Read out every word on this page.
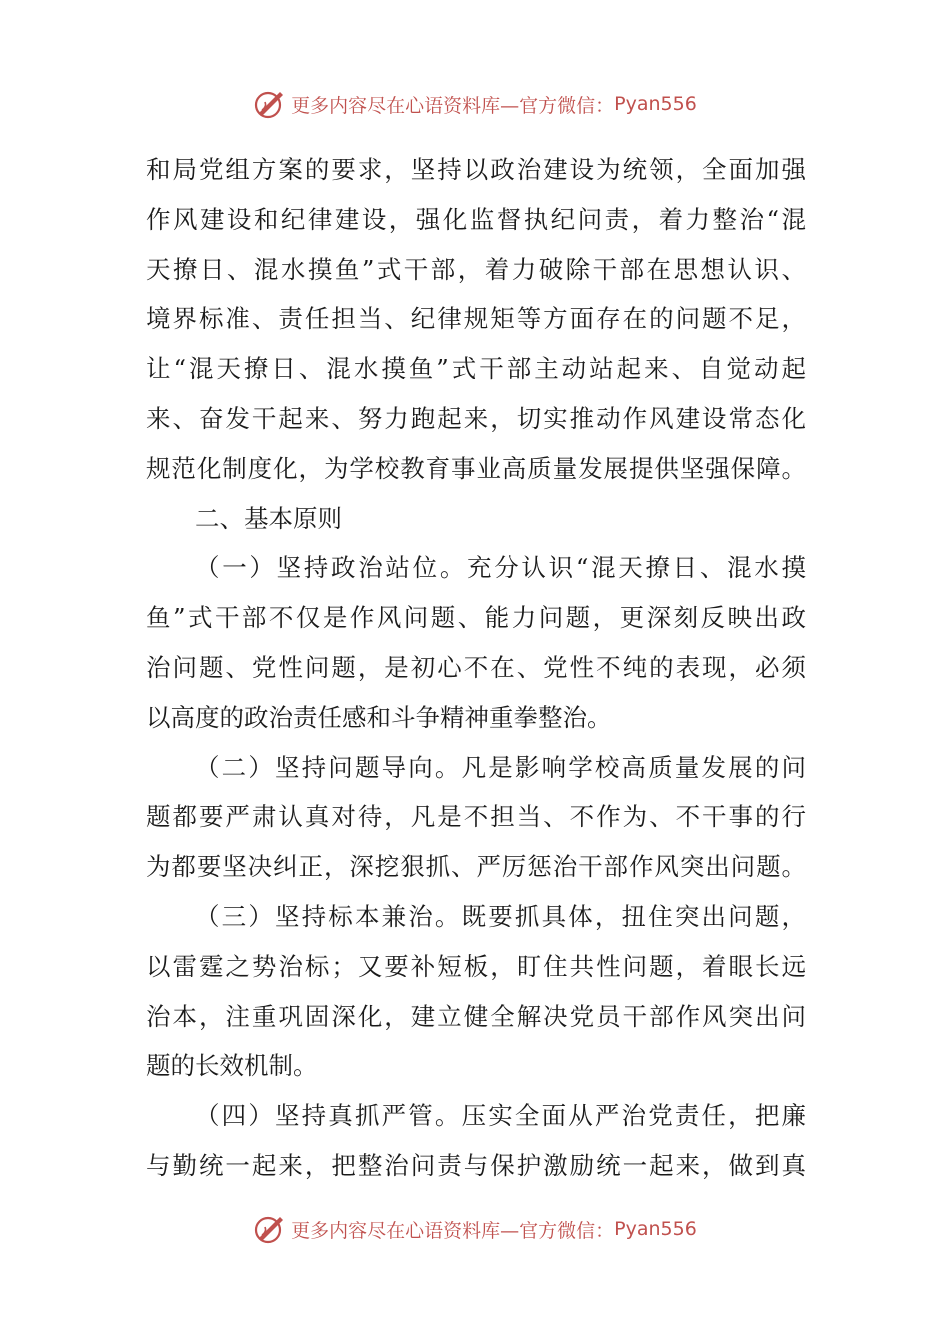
更多内容尽在心语资料库—官方微信： Pyan556
和局党组方案的要求，坚持以政治建设为统领，全面加强
作风建设和纪律建设，强化监督执纪问责，着力整治“混
天撩日、混水摸鱼”式干部，着力破除干部在思想认识、
境界标准、责任担当、纪律规矩等方面存在的问题不足，
让“混天撩日、混水摸鱼”式干部主动站起来、自觉动起
来、奋发干起来、努力跑起来，切实推动作风建设常态化
规范化制度化，为学校教育事业高质量发展提供坚强保障。
二、基本原则
（一）坚持政治站位。充分认识“混天撩日、混水摸
鱼”式干部不仅是作风问题、能力问题，更深刻反映出政
治问题、党性问题，是初心不在、党性不纯的表现，必须
以高度的政治责任感和斗争精神重拳整治。
（二）坚持问题导向。凡是影响学校高质量发展的问
题都要严肃认真对待，凡是不担当、不作为、不干事的行
为都要坚决纠正，深挖狠抓、严厉惩治干部作风突出问题。
（三）坚持标本兼治。既要抓具体，扭住突出问题，
以雷霆之势治标；又要补短板，盯住共性问题，着眼长远
治本，注重巩固深化，建立健全解决党员干部作风突出问
题的长效机制。
（四）坚持真抓严管。压实全面从严治党责任，把廉
与勤统一起来，把整治问责与保护激励统一起来，做到真
更多内容尽在心语资料库—官方微信： Pyan556
